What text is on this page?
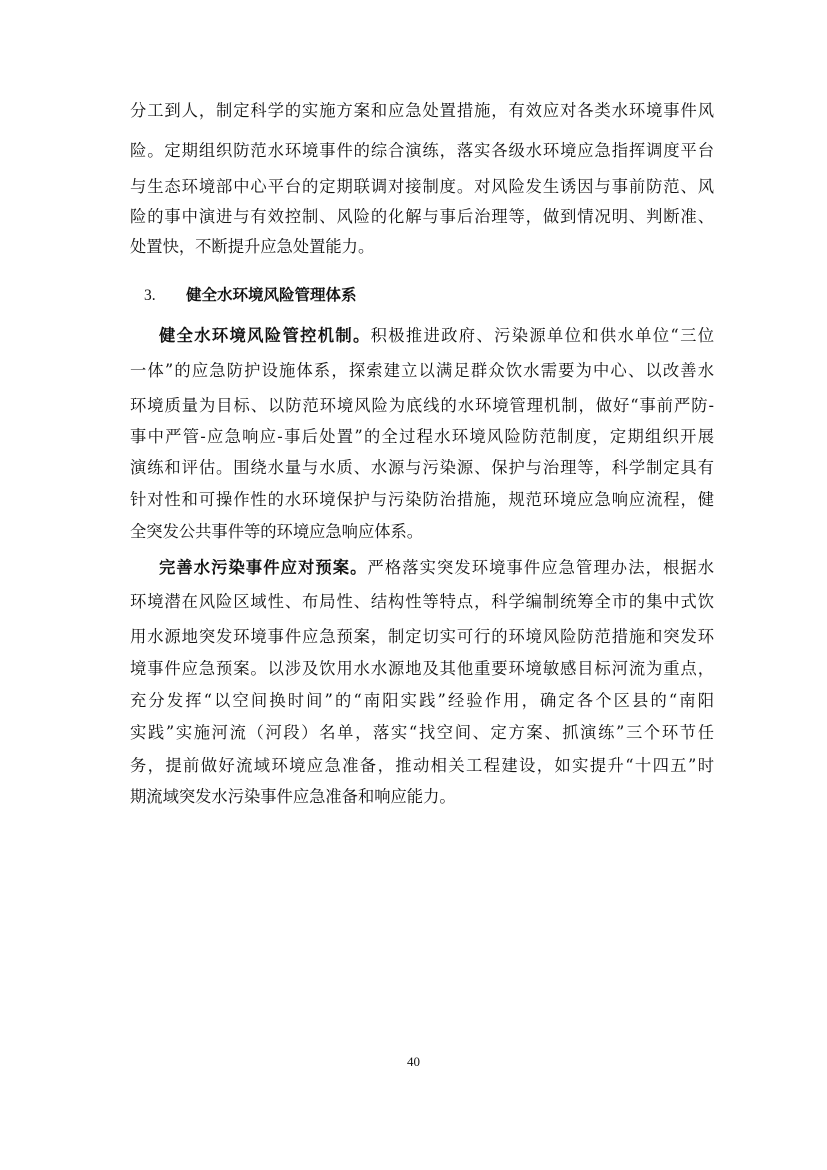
分工到人，制定科学的实施方案和应急处置措施，有效应对各类水环境事件风
险。定期组织防范水环境事件的综合演练，落实各级水环境应急指挥调度平台
与生态环境部中心平台的定期联调对接制度。对风险发生诱因与事前防范、风
险的事中演进与有效控制、风险的化解与事后治理等，做到情况明、判断准、
处置快，不断提升应急处置能力。
3. 健全水环境风险管理体系
健全水环境风险管控机制。积极推进政府、污染源单位和供水单位“三位
一体”的应急防护设施体系，探索建立以满足群众饮水需要为中心、以改善水
环境质量为目标、以防范环境风险为底线的水环境管理机制，做好“事前严防-
事中严管-应急响应-事后处置”的全过程水环境风险防范制度，定期组织开展
演练和评估。围绕水量与水质、水源与污染源、保护与治理等，科学制定具有
针对性和可操作性的水环境保护与污染防治措施，规范环境应急响应流程，健
全突发公共事件等的环境应急响应体系。
完善水污染事件应对预案。严格落实突发环境事件应急管理办法，根据水
环境潜在风险区域性、布局性、结构性等特点，科学编制统筹全市的集中式饮
用水源地突发环境事件应急预案，制定切实可行的环境风险防范措施和突发环
境事件应急预案。以涉及饮用水水源地及其他重要环境敏感目标河流为重点，
充分发挥“以空间换时间”的“南阳实践”经验作用，确定各个区县的“南阳
实践”实施河流（河段）名单，落实“找空间、定方案、抓演练”三个环节任
务，提前做好流域环境应急准备，推动相关工程建设，如实提升“十四五”时
期流域突发水污染事件应急准备和响应能力。
40
